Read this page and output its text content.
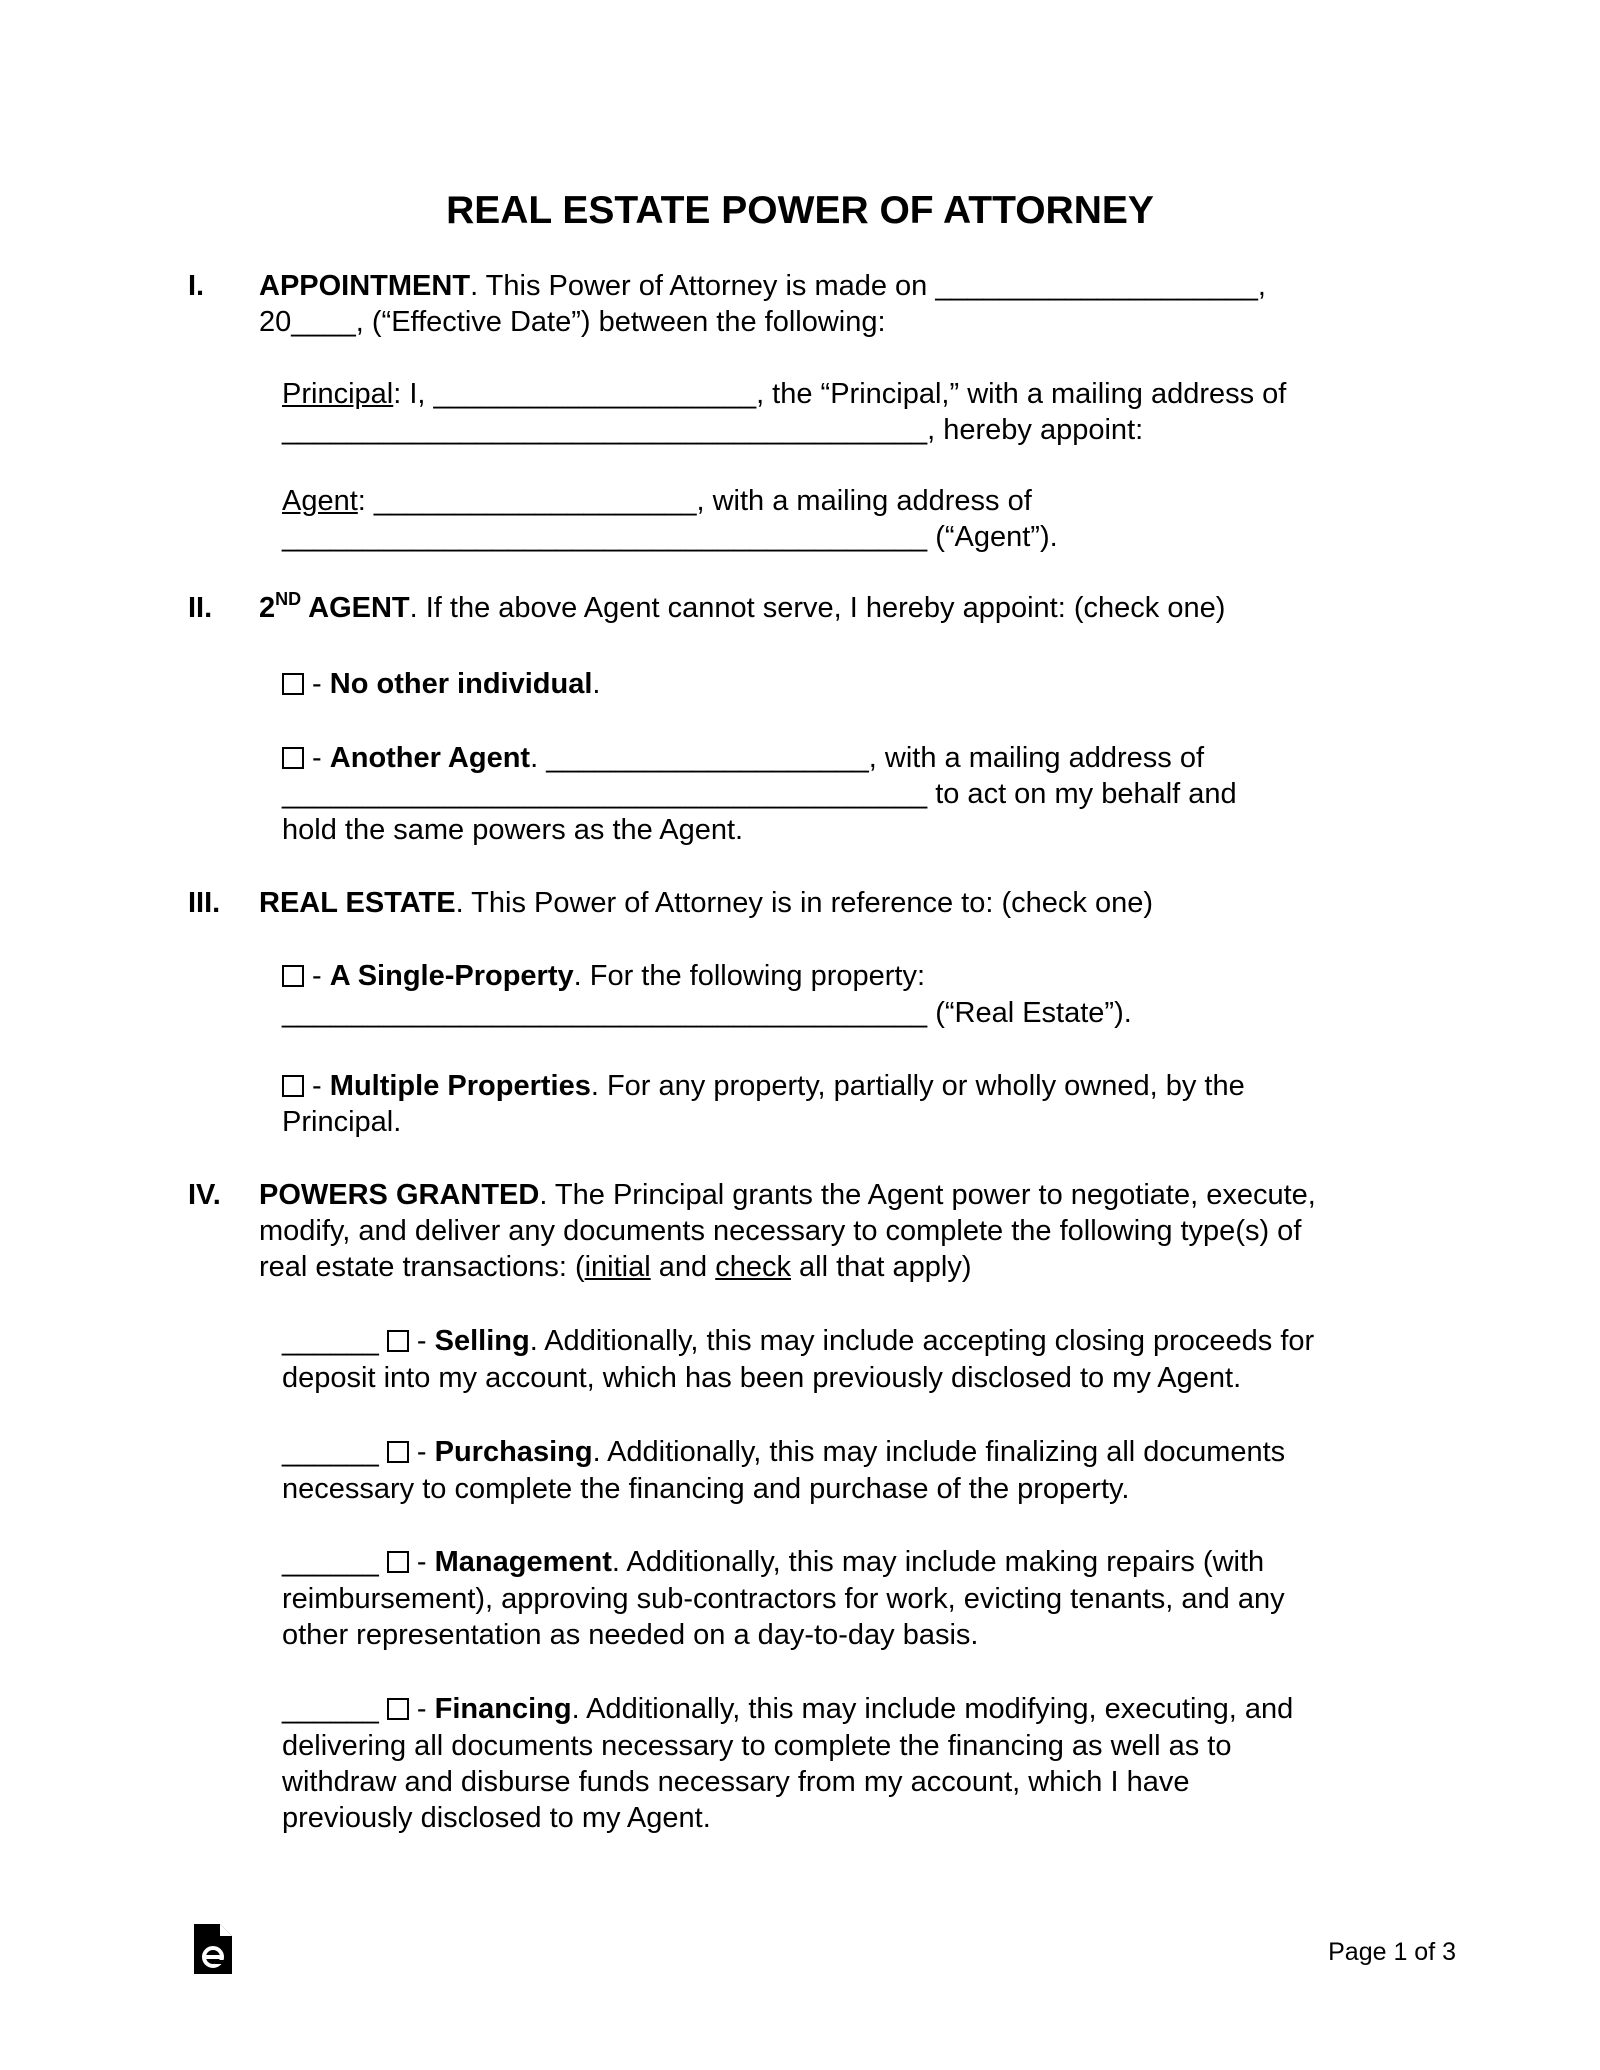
REAL ESTATE POWER OF ATTORNEY
I. APPOINTMENT. This Power of Attorney is made on ____________________,
20____, (“Effective Date”) between the following:
Principal: I, ____________________, the “Principal,” with a mailing address of
________________________________________, hereby appoint:
Agent: ____________________, with a mailing address of
________________________________________ (“Agent”).
II. 2ND AGENT. If the above Agent cannot serve, I hereby appoint: (check one)
- No other individual.
- Another Agent. ____________________, with a mailing address of
________________________________________ to act on my behalf and
hold the same powers as the Agent.
III. REAL ESTATE. This Power of Attorney is in reference to: (check one)
- A Single-Property. For the following property:
________________________________________ (“Real Estate”).
- Multiple Properties. For any property, partially or wholly owned, by the
Principal.
IV. POWERS GRANTED. The Principal grants the Agent power to negotiate, execute,
modify, and deliver any documents necessary to complete the following type(s) of
real estate transactions: (initial and check all that apply)
______  - Selling. Additionally, this may include accepting closing proceeds for
deposit into my account, which has been previously disclosed to my Agent.
______  - Purchasing. Additionally, this may include finalizing all documents
necessary to complete the financing and purchase of the property.
______  - Management. Additionally, this may include making repairs (with
reimbursement), approving sub-contractors for work, evicting tenants, and any
other representation as needed on a day-to-day basis.
______  - Financing. Additionally, this may include modifying, executing, and
delivering all documents necessary to complete the financing as well as to
withdraw and disburse funds necessary from my account, which I have
previously disclosed to my Agent.
Page 1 of 3
